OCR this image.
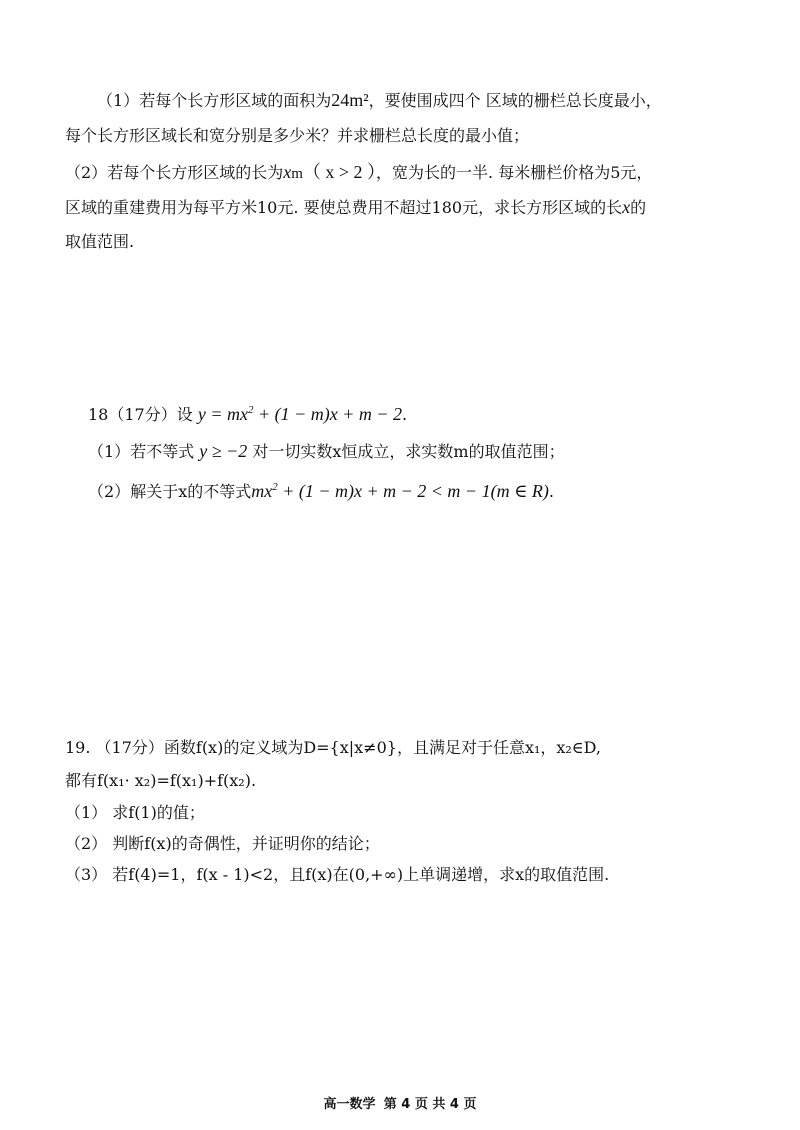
（1）若每个长方形区域的面积为24m²，要使围成四个 区域的栅栏总长度最小，
每个长方形区域长和宽分别是多少米？并求栅栏总长度的最小值；
（2）若每个长方形区域的长为xm（ x > 2 ），宽为长的一半. 每米栅栏价格为5元，
区域的重建费用为每平方米10元. 要使总费用不超过180元，求长方形区域的长x的
取值范围.
18（17分）设 $y = mx^2 + (1 - m)x + m - 2$.
（1）若不等式 y ≥ −2 对一切实数x恒成立，求实数m的取值范围；
（2）解关于x的不等式$mx^2 + (1 - m)x + m - 2 < m - 1(m$ ∈ R).
19. （17分）函数f(x)的定义域为D={x|x≠0}，且满足对于任意x₁，x₂∈D,
都有f(x₁· x₂)=f(x₁)+f(x₂).
（1） 求f(1)的值；
（2） 判断f(x)的奇偶性，并证明你的结论；
（3） 若f(4)=1，f(x - 1)<2，且f(x)在(0,+∞)上单调递增，求x的取值范围.
高一数学 第 4 页 共 4 页
